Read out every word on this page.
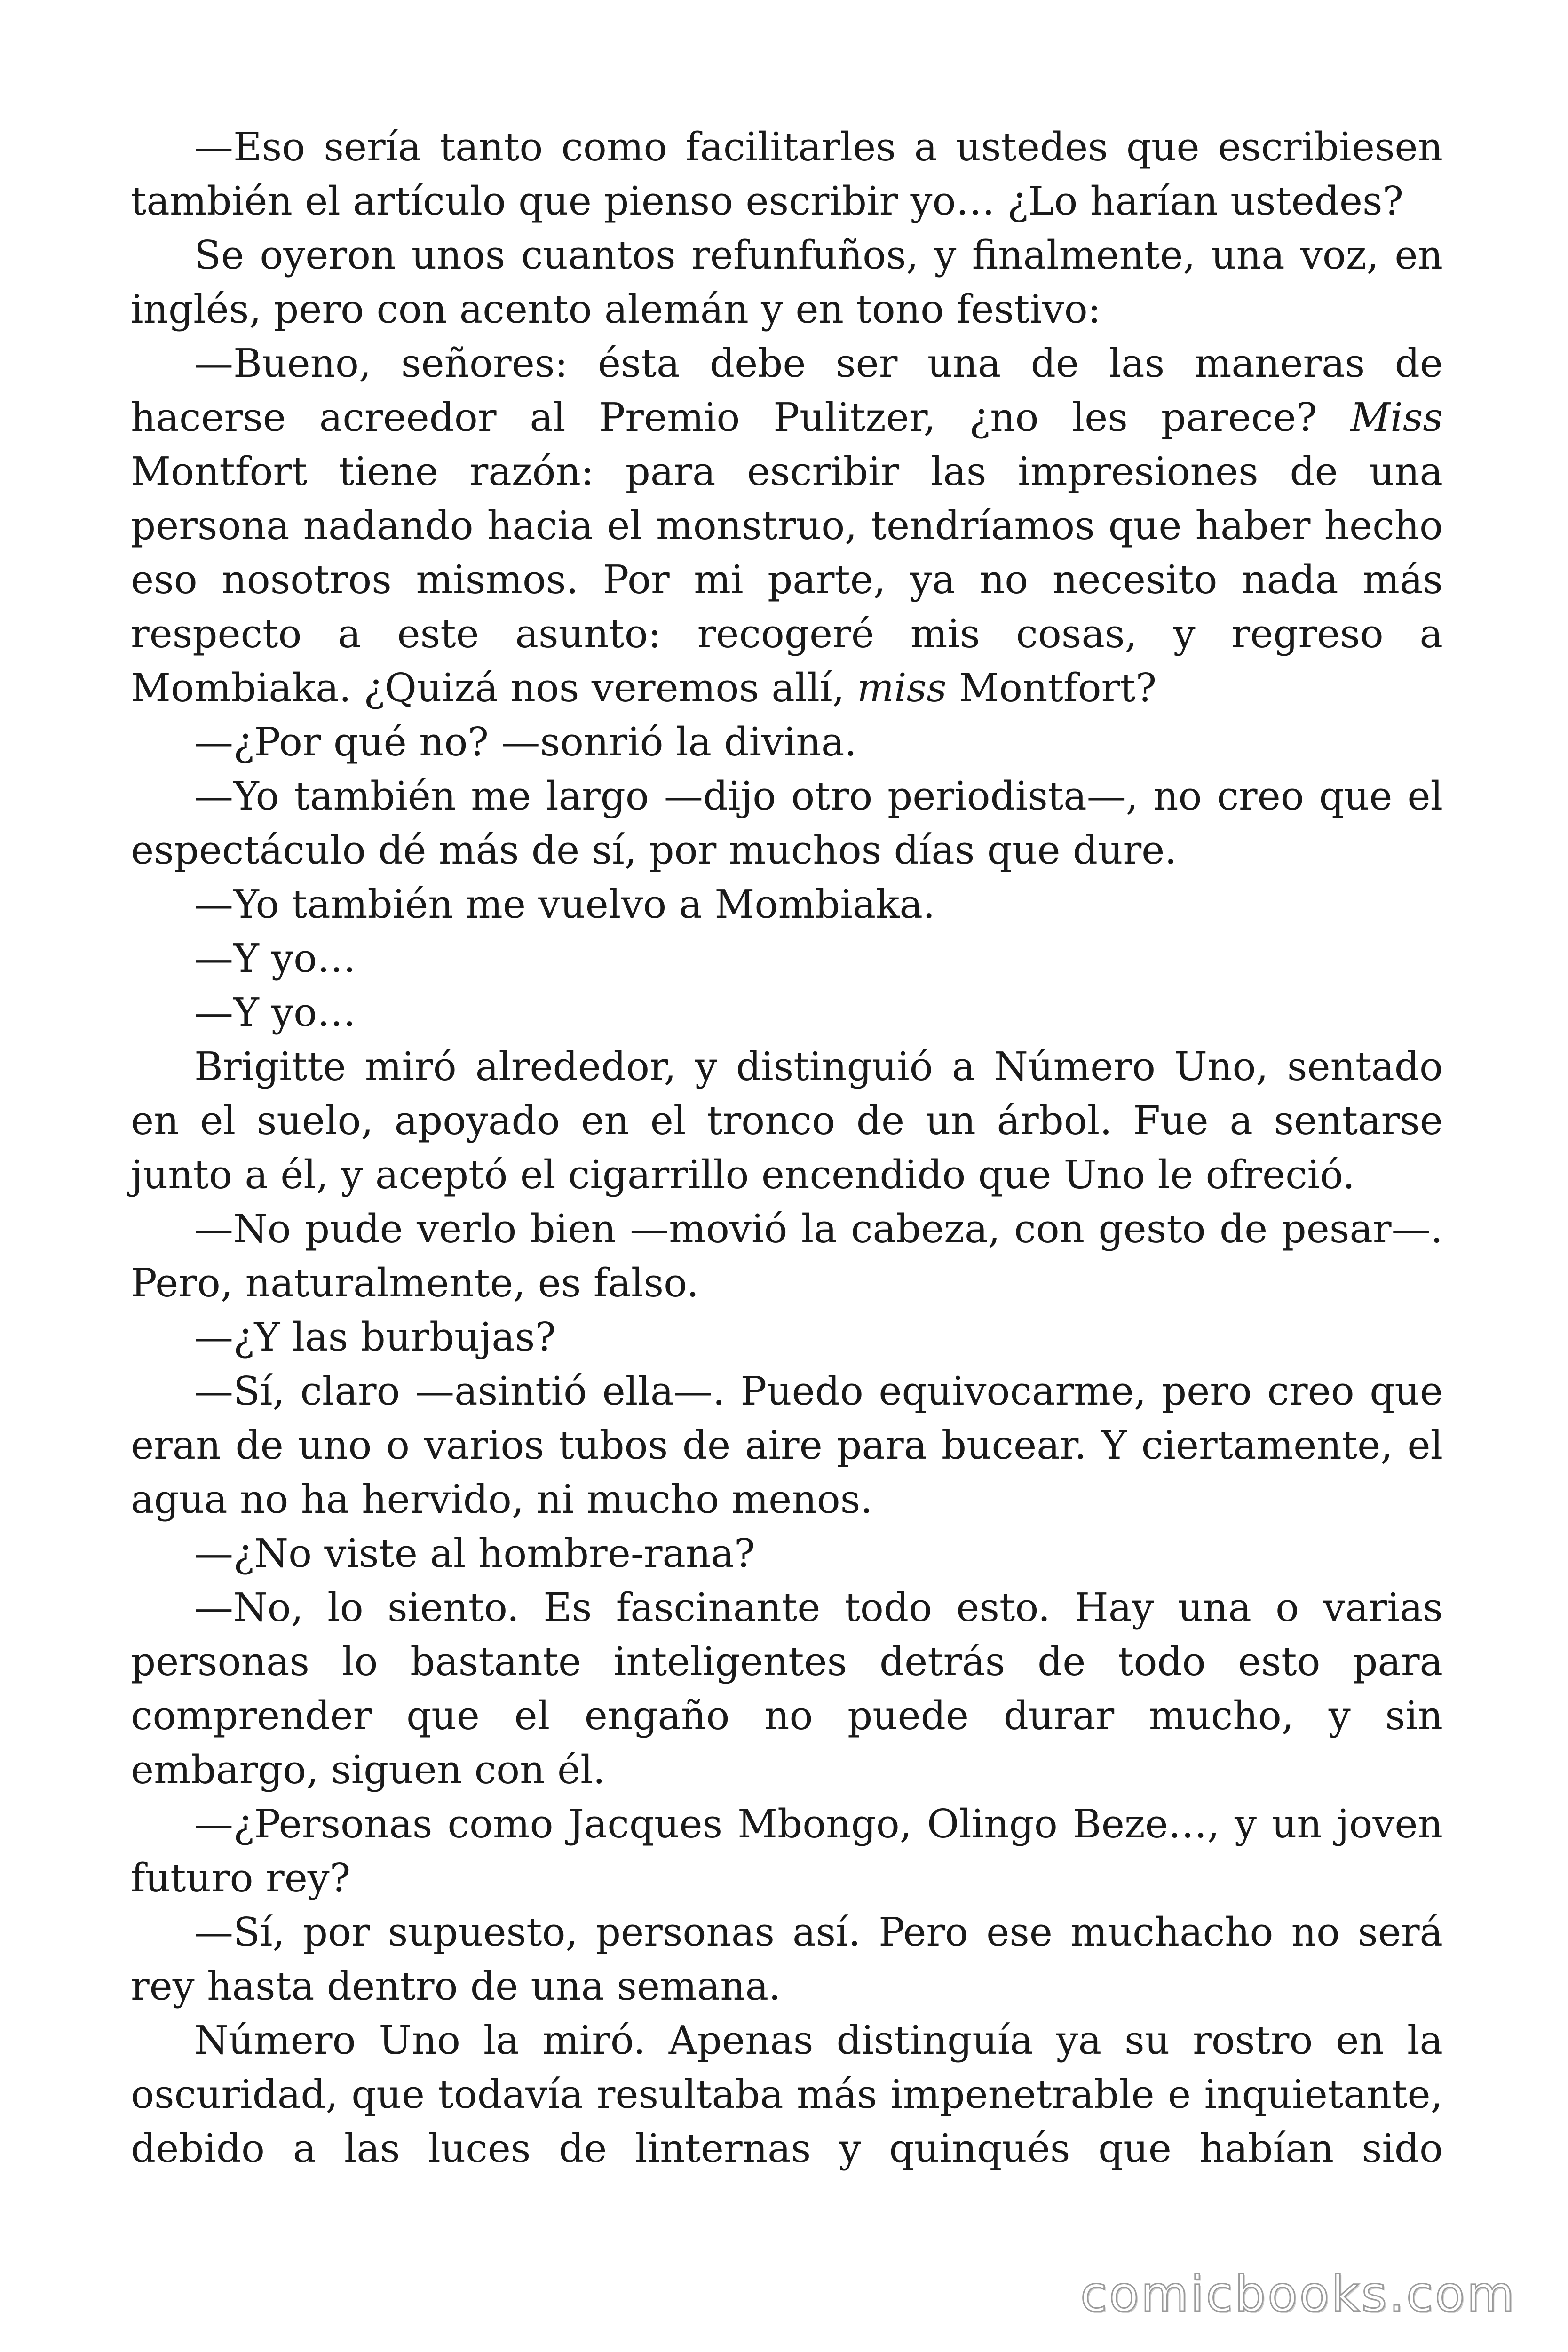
—Eso sería tanto como facilitarles a ustedes que escribiesen también el artículo que pienso escribir yo… ¿Lo harían ustedes?

Se oyeron unos cuantos refunfuños, y finalmente, una voz, en inglés, pero con acento alemán y en tono festivo:

—Bueno, señores: ésta debe ser una de las maneras de hacerse acreedor al Premio Pulitzer, ¿no les parece? Miss Montfort tiene razón: para escribir las impresiones de una persona nadando hacia el monstruo, tendríamos que haber hecho eso nosotros mismos. Por mi parte, ya no necesito nada más respecto a este asunto: recogeré mis cosas, y regreso a Mombiaka. ¿Quizá nos veremos allí, miss Montfort?

—¿Por qué no? —sonrió la divina.

—Yo también me largo —dijo otro periodista—, no creo que el espectáculo dé más de sí, por muchos días que dure.

—Yo también me vuelvo a Mombiaka.

—Y yo…

—Y yo…

Brigitte miró alrededor, y distinguió a Número Uno, sentado en el suelo, apoyado en el tronco de un árbol. Fue a sentarse junto a él, y aceptó el cigarrillo encendido que Uno le ofreció.

—No pude verlo bien —movió la cabeza, con gesto de pesar—. Pero, naturalmente, es falso.

—¿Y las burbujas?

—Sí, claro —asintió ella—. Puedo equivocarme, pero creo que eran de uno o varios tubos de aire para bucear. Y ciertamente, el agua no ha hervido, ni mucho menos.

—¿No viste al hombre-rana?

—No, lo siento. Es fascinante todo esto. Hay una o varias personas lo bastante inteligentes detrás de todo esto para comprender que el engaño no puede durar mucho, y sin embargo, siguen con él.

—¿Personas como Jacques Mbongo, Olingo Beze…, y un joven futuro rey?

—Sí, por supuesto, personas así. Pero ese muchacho no será rey hasta dentro de una semana.

Número Uno la miró. Apenas distinguía ya su rostro en la oscuridad, que todavía resultaba más impenetrable e inquietante, debido a las luces de linternas y quinqués que habían sido

comicbooks.com
